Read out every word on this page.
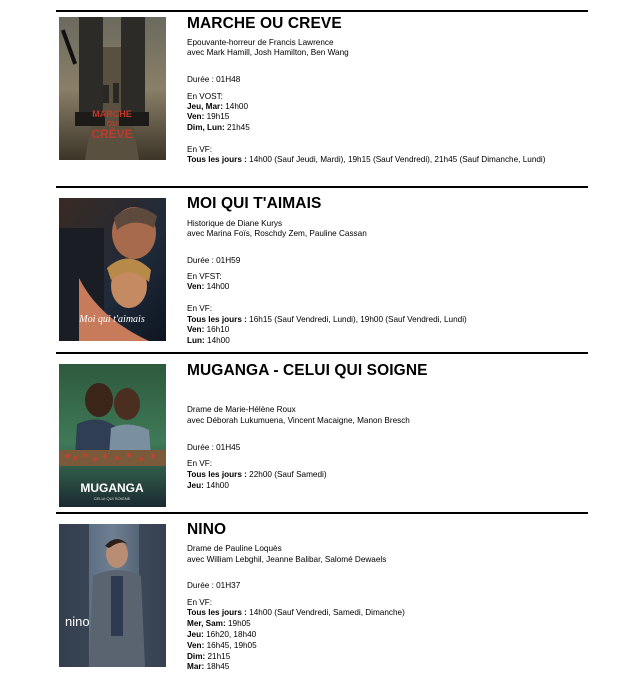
MARCHE
OU
CRÈVE
MARCHE OU CREVE
Epouvante-horreur de Francis Lawrence
avec Mark Hamill, Josh Hamilton, Ben Wang
Durée : 01H48
En VOST:
Jeu, Mar: 14h00
Ven: 19h15
Dim, Lun: 21h45
En VF:
Tous les jours : 14h00 (Sauf Jeudi, Mardi), 19h15 (Sauf Vendredi), 21h45 (Sauf Dimanche, Lundi)
Moi qui t'aimais
MOI QUI T'AIMAIS
Historique de Diane Kurys
avec Marina Foïs, Roschdy Zem, Pauline Cassan
Durée : 01H59
En VFST:
Ven: 14h00
En VF:
Tous les jours : 16h15 (Sauf Vendredi, Lundi), 19h00 (Sauf Vendredi, Lundi)
Ven: 16h10
Lun: 14h00
MUGANGA
CELUI QUI SOIGNE
MUGANGA - CELUI QUI SOIGNE
Drame de Marie-Hélène Roux
avec Déborah Lukumuena, Vincent Macaigne, Manon Bresch
Durée : 01H45
En VF:
Tous les jours : 22h00 (Sauf Samedi)
Jeu: 14h00
nino
NINO
Drame de Pauline Loquès
avec William Lebghil, Jeanne Balibar, Salomé Dewaels
Durée : 01H37
En VF:
Tous les jours : 14h00 (Sauf Vendredi, Samedi, Dimanche)
Mer, Sam: 19h05
Jeu: 16h20, 18h40
Ven: 16h45, 19h05
Dim: 21h15
Mar: 18h45
